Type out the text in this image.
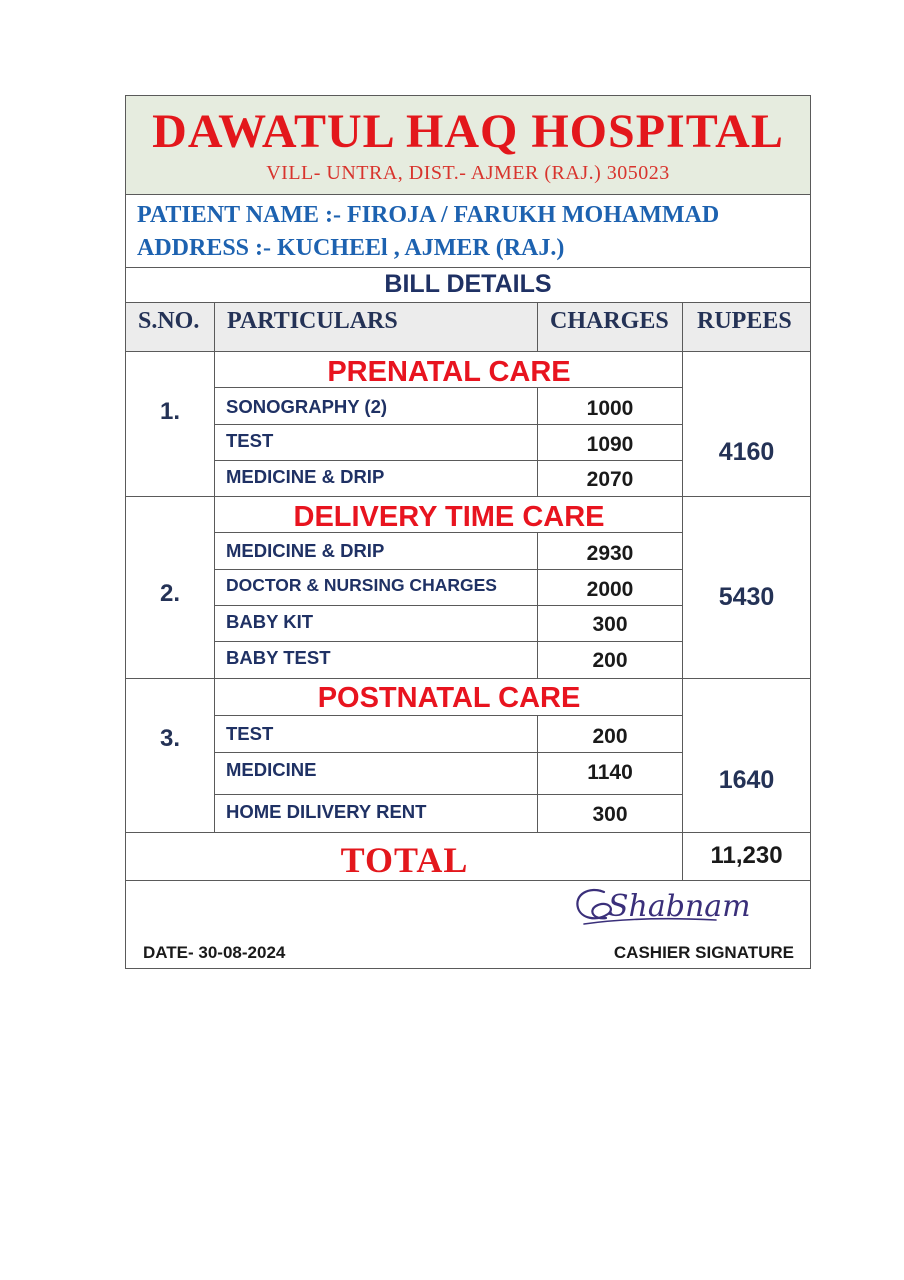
DAWATUL HAQ HOSPITAL
VILL- UNTRA, DIST.- AJMER (RAJ.) 305023
PATIENT NAME :- FIROJA / FARUKH MOHAMMAD
ADDRESS :- KUCHEEl , AJMER (RAJ.)
BILL DETAILS
S.NO. PARTICULARS	CHARGES RUPEES
1.
PRENATAL CARE
SONOGRAPHY (2)	1000
TEST	1090
MEDICINE & DRIP	2070
4160
2.
DELIVERY TIME CARE
MEDICINE & DRIP	2930
DOCTOR & NURSING CHARGES	2000
BABY KIT	300
BABY TEST	200
5430
3.
POSTNATAL CARE
TEST	200
MEDICINE	1140
HOME DILIVERY RENT	300
1640
TOTAL	11,230
Shabnam
DATE- 30-08-2024	CASHIER SIGNATURE
